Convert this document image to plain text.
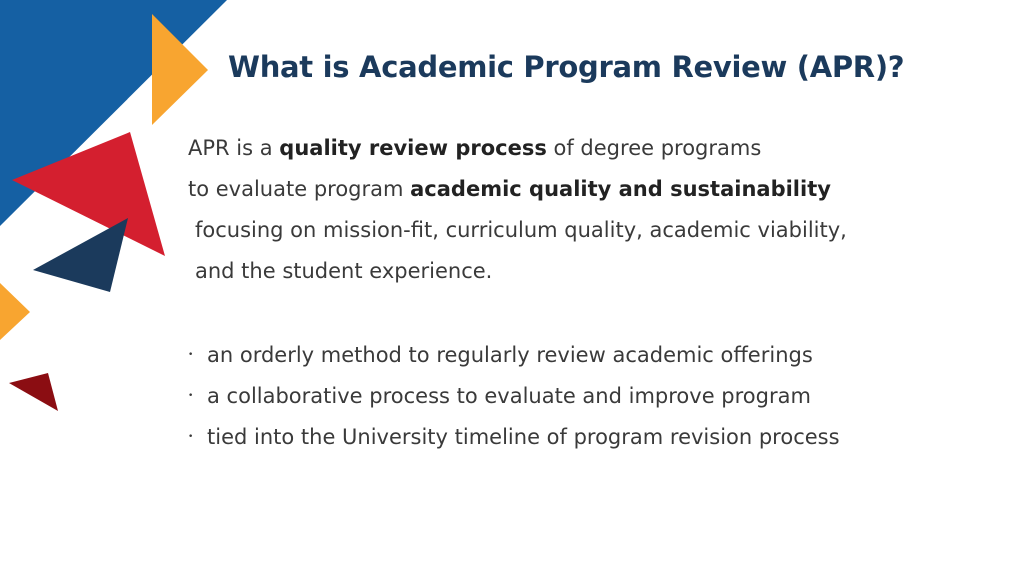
What is Academic Program Review (APR)?
APR is a quality review process of degree programs
to evaluate program academic quality and sustainability
focusing on mission-fit, curriculum quality, academic viability,
and the student experience.
• an orderly method to regularly review academic offerings
• a collaborative process to evaluate and improve program
• tied into the University timeline of program revision process
